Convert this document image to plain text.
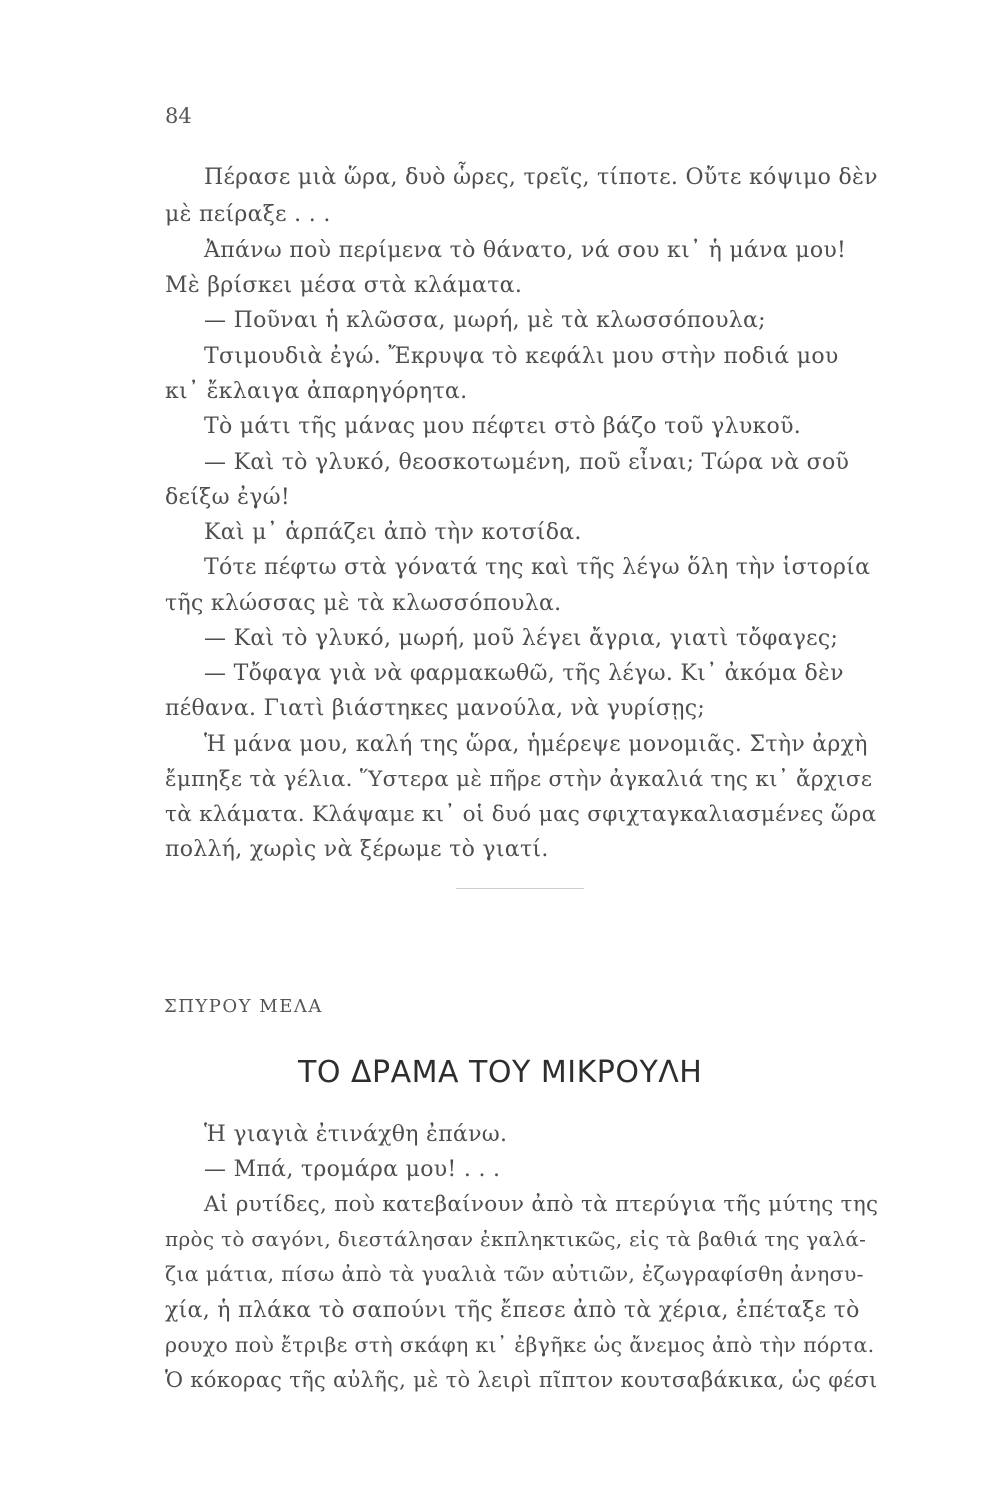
84
Πέρασε μιὰ ὥρα, δυὸ ὧρες, τρεῖς, τίποτε. Οὔτε κόψιμο δὲν
μὲ πείραξε . . .
Ἀπάνω ποὺ περίμενα τὸ θάνατο, νά σου κι᾿ ἡ μάνα μου!
Μὲ βρίσκει μέσα στὰ κλάματα.
— Ποῦναι ἡ κλῶσσα, μωρή, μὲ τὰ κλωσσόπουλα;
Τσιμουδιὰ ἐγώ. Ἔκρυψα τὸ κεφάλι μου στὴν ποδιά μου
κι᾿ ἔκλαιγα ἀπαρηγόρητα.
Τὸ μάτι τῆς μάνας μου πέφτει στὸ βάζο τοῦ γλυκοῦ.
— Καὶ τὸ γλυκό, θεοσκοτωμένη, ποῦ εἶναι; Τώρα νὰ σοῦ
δείξω ἐγώ!
Καὶ μ᾿ ἁρπάζει ἀπὸ τὴν κοτσίδα.
Τότε πέφτω στὰ γόνατά της καὶ τῆς λέγω ὅλη τὴν ἱστορία
τῆς κλώσσας μὲ τὰ κλωσσόπουλα.
— Καὶ τὸ γλυκό, μωρή, μοῦ λέγει ἄγρια, γιατὶ τὄφαγες;
— Τὄφαγα γιὰ νὰ φαρμακωθῶ, τῆς λέγω. Κι᾿ ἀκόμα δὲν
πέθανα. Γιατὶ βιάστηκες μανούλα, νὰ γυρίσῃς;
Ἡ μάνα μου, καλή της ὥρα, ἡμέρεψε μονομιᾶς. Στὴν ἀρχὴ
ἔμπηξε τὰ γέλια. Ὕστερα μὲ πῆρε στὴν ἀγκαλιά της κι᾿ ἄρχισε
τὰ κλάματα. Κλάψαμε κι᾿ οἱ δυό μας σφιχταγκαλιασμένες ὥρα
πολλή, χωρὶς νὰ ξέρωμε τὸ γιατί.
ΣΠΥΡΟΥ ΜΕΛΑ
ΤΟ ΔΡΑΜΑ ΤΟΥ ΜΙΚΡΟΥΛΗ
Ἡ γιαγιὰ ἐτινάχθη ἐπάνω.
— Μπά, τρομάρα μου! . . .
Αἱ ρυτίδες, ποὺ κατεβαίνουν ἀπὸ τὰ πτερύγια τῆς μύτης της
πρὸς τὸ σαγόνι, διεστάλησαν ἐκπληκτικῶς, εἰς τὰ βαθιά της γαλά-
ζια μάτια, πίσω ἀπὸ τὰ γυαλιὰ τῶν αὐτιῶν, ἐζωγραφίσθη ἀνησυ-
χία, ἡ πλάκα τὸ σαπούνι τῆς ἔπεσε ἀπὸ τὰ χέρια, ἐπέταξε τὸ
ρουχο ποὺ ἔτριβε στὴ σκάφη κι᾿ ἐβγῆκε ὡς ἄνεμος ἀπὸ τὴν πόρτα.
Ὁ κόκορας τῆς αὐλῆς, μὲ τὸ λειρὶ πῖπτον κουτσαβάκικα, ὡς φέσι
